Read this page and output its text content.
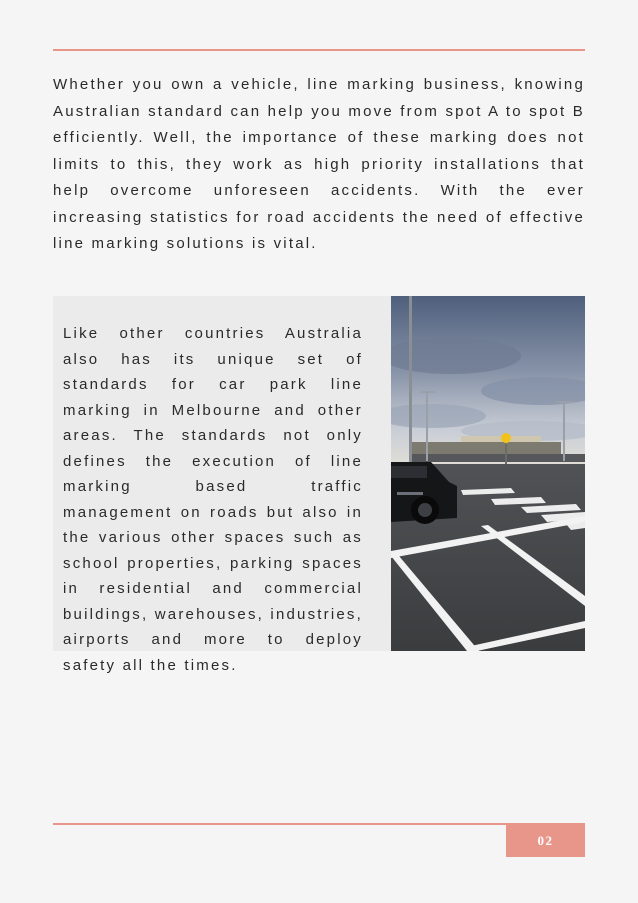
Whether you own a vehicle, line marking business, knowing Australian standard can help you move from spot A to spot B efficiently. Well, the importance of these marking does not limits to this, they work as high priority installations that help overcome unforeseen accidents. With the ever increasing statistics for road accidents the need of effective line marking solutions is vital.

Like other countries Australia also has its unique set of standards for car park line marking in Melbourne and other areas. The standards not only defines the execution of line marking based traffic management on roads but also in the various other spaces such as school properties, parking spaces in residential and commercial buildings, warehouses, industries, airports and more to deploy safety all the times.

02
